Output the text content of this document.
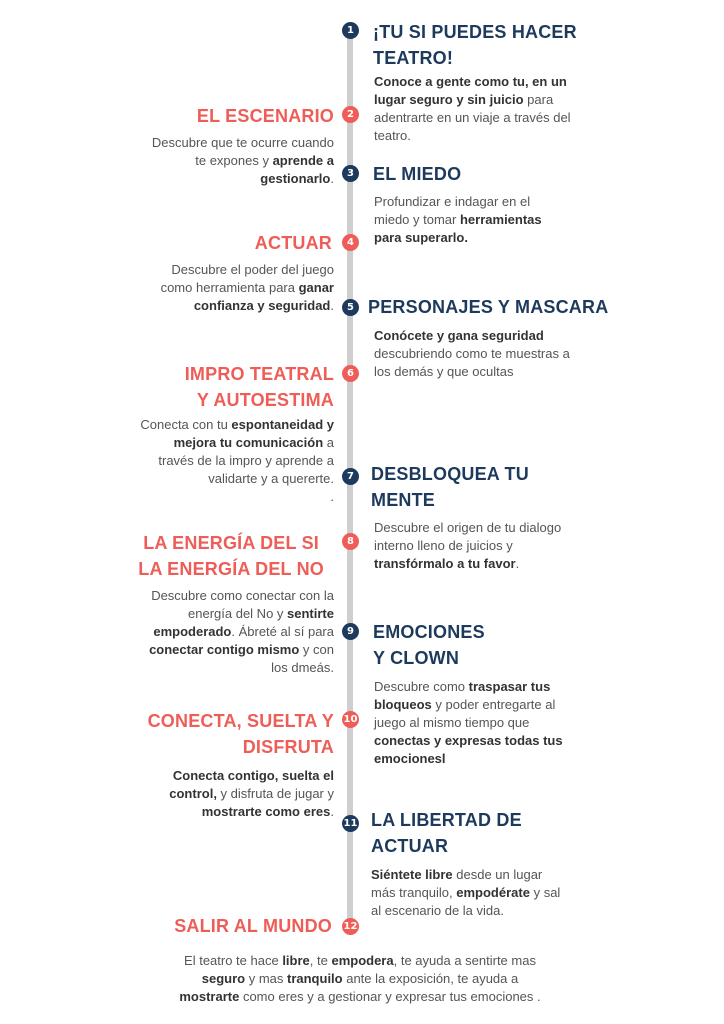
1 ¡TU SI PUEDES HACER
TEATRO!
Conoce a gente como tu, en un
lugar seguro y sin juicio para
adentrarte en un viaje a través del
teatro.
2
EL ESCENARIO
Descubre que te ocurre cuando
te expones y aprende a
gestionarlo.	3 EL MIEDO
Profundizar e indagar en el
miedo y tomar herramientas
para superarlo.
4
ACTUAR
Descubre el poder del juego
como herramienta para ganar
confianza y seguridad.	5 PERSONAJES Y MASCARA
Conócete y gana seguridad
descubriendo como te muestras a
los demás y que ocultas
6
IMPRO TEATRAL
Y AUTOESTIMA
Conecta con tu espontaneidad y
mejora tu comunicación a
través de la impro y aprende a
validarte y a quererte.
.
7 DESBLOQUEA TU
MENTE
Descubre el origen de tu dialogo
interno lleno de juicios y
transfórmalo a tu favor.
8
LA ENERGÍA DEL SI
LA ENERGÍA DEL NO
Descubre como conectar con la
energía del No y sentirte
empoderado. Ábreté al sí para
conectar contigo mismo y con
los dmeás.
9 EMOCIONES
Y CLOWN
Descubre como traspasar tus
bloqueos y poder entregarte al
juego al mismo tiempo que
conectas y expresas todas tus
emocionesl
10
CONECTA, SUELTA Y
DISFRUTA
Conecta contigo, suelta el
control, y disfruta de jugar y
mostrarte como eres.
11 LA LIBERTAD DE
ACTUAR
Siéntete libre desde un lugar
más tranquilo, empodérate y sal
al escenario de la vida.
12
SALIR AL MUNDO
El teatro te hace libre, te empodera, te ayuda a sentirte mas
seguro y mas tranquilo ante la exposición, te ayuda a
mostrarte como eres y a gestionar y expresar tus emociones .
